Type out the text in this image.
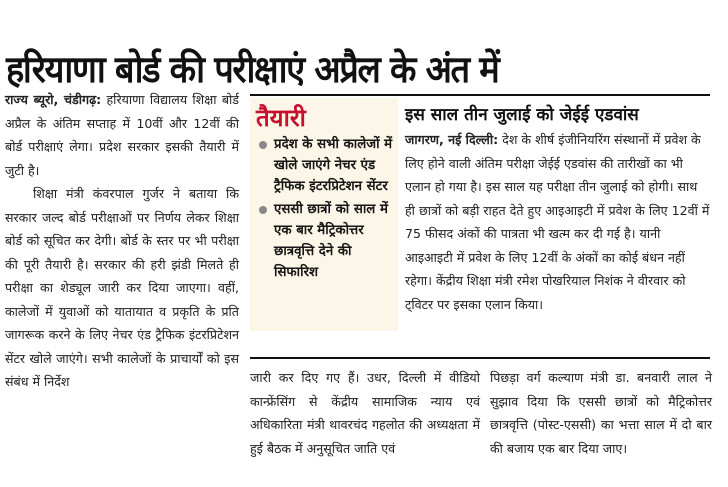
हरियाणा बोर्ड की परीक्षाएं अप्रैल के अंत में

राज्य ब्यूरो, चंडीगढ़: हरियाणा विद्यालय शिक्षा बोर्ड अप्रैल के अंतिम सप्ताह में 10वीं और 12वीं की बोर्ड परीक्षाएं लेगा। प्रदेश सरकार इसकी तैयारी में जुटी है।

शिक्षा मंत्री कंवरपाल गुर्जर ने बताया कि सरकार जल्द बोर्ड परीक्षाओं पर निर्णय लेकर शिक्षा बोर्ड को सूचित कर देगी। बोर्ड के स्तर पर भी परीक्षा की पूरी तैयारी है। सरकार की हरी झंडी मिलते ही परीक्षा का शेड्यूल जारी कर दिया जाएगा। वहीं, कालेजों में युवाओं को यातायात व प्रकृति के प्रति जागरूक करने के लिए नेचर एंड ट्रैफिक इंटरप्रिटेशन सेंटर खोले जाएंगे। सभी कालेजों के प्राचार्यों को इस संबंध में निर्देश

तैयारी
प्रदेश के सभी कालेजों में खोले जाएंगे नेचर एंड ट्रैफिक इंटरप्रिटेशन सेंटर
एससी छात्रों को साल में एक बार मैट्रिकोत्तर छात्रवृत्ति देने की सिफारिश
इस साल तीन जुलाई को जेईई एडवांस
जागरण, नई दिल्ली: देश के शीर्ष इंजीनियरिंग संस्थानों में प्रवेश के लिए होने वाली अंतिम परीक्षा जेईई एडवांस की तारीखों का भी एलान हो गया है। इस साल यह परीक्षा तीन जुलाई को होगी। साथ ही छात्रों को बड़ी राहत देते हुए आइआइटी में प्रवेश के लिए 12वीं में 75 फीसद अंकों की पात्रता भी खत्म कर दी गई है। यानी आइआइटी में प्रवेश के लिए 12वीं के अंकों का कोई बंधन नहीं रहेगा। केंद्रीय शिक्षा मंत्री रमेश पोखरियाल निशंक ने वीरवार को ट्विटर पर इसका एलान किया।

जारी कर दिए गए हैं। उधर, दिल्ली में वीडियो कान्फ्रेंसिंग से केंद्रीय सामाजिक न्याय एवं अधिकारिता मंत्री थावरचंद गहलोत की अध्यक्षता में हुई बैठक में अनुसूचित जाति एवं

पिछड़ा वर्ग कल्याण मंत्री डा. बनवारी लाल ने सुझाव दिया कि एससी छात्रों को मैट्रिकोत्तर छात्रवृत्ति (पोस्ट-एससी) का भत्ता साल में दो बार की बजाय एक बार दिया जाए।
